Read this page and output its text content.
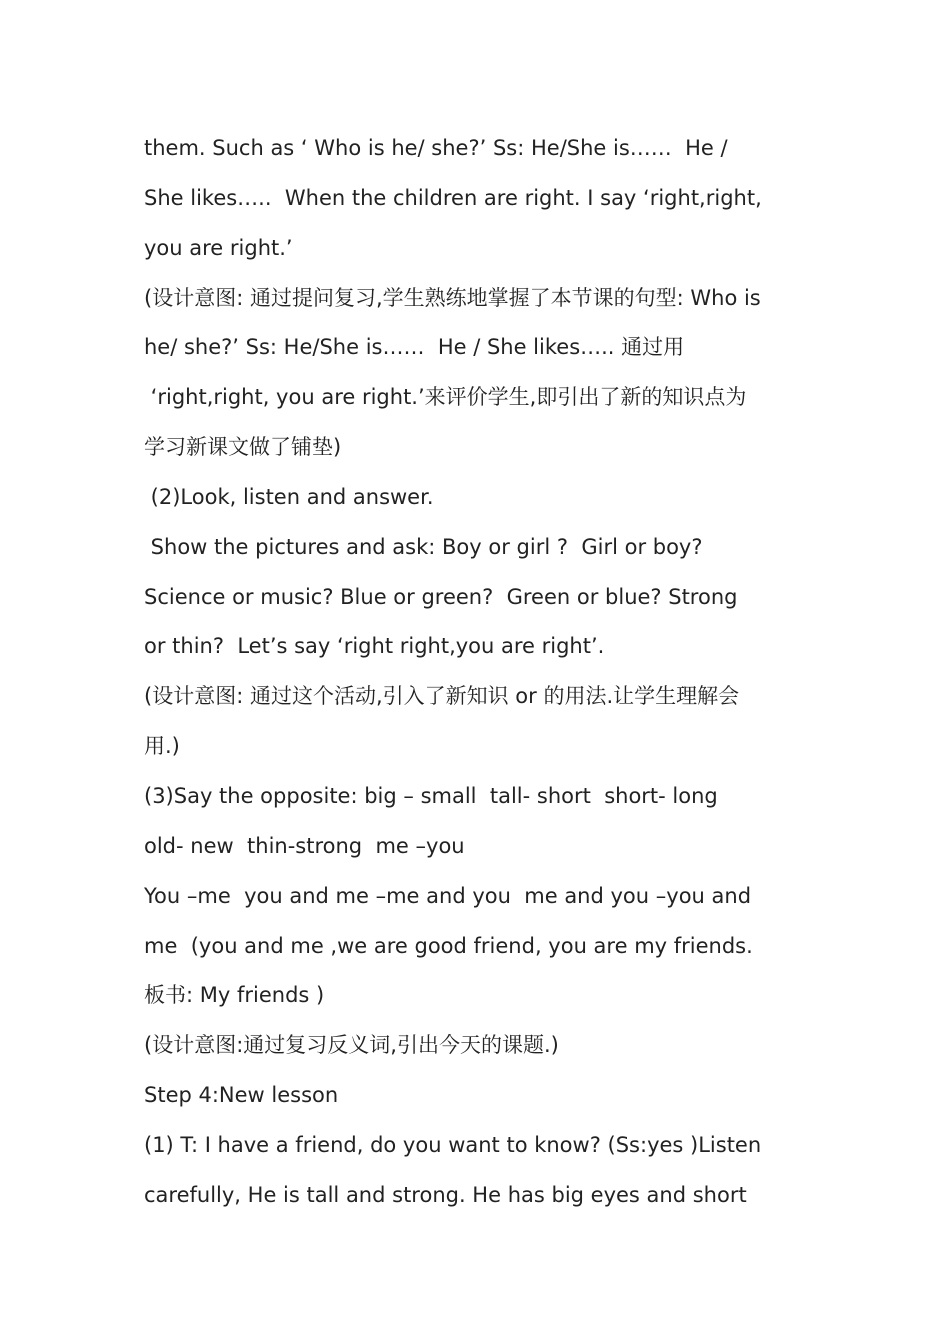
them. Such as ‘ Who is he/ she?’ Ss: He/She is……  He /
She likes…..  When the children are right. I say ‘right,right,
you are right.’
(设计意图: 通过提问复习,学生熟练地掌握了本节课的句型: Who is
he/ she?’ Ss: He/She is……  He / She likes….. 通过用
‘right,right, you are right.’来评价学生,即引出了新的知识点为
学习新课文做了铺垫)
(2)Look, listen and answer.
Show the pictures and ask: Boy or girl ?  Girl or boy?
Science or music? Blue or green?  Green or blue? Strong
or thin?  Let’s say ‘right right,you are right’.
(设计意图: 通过这个活动,引入了新知识 or 的用法.让学生理解会
用.)
(3)Say the opposite: big – small  tall- short  short- long
old- new  thin-strong  me –you
You –me  you and me –me and you  me and you –you and
me  (you and me ,we are good friend, you are my friends.
板书: My friends )
(设计意图:通过复习反义词,引出今天的课题.)
Step 4:New lesson
(1) T: I have a friend, do you want to know? (Ss:yes )Listen
carefully, He is tall and strong. He has big eyes and short
